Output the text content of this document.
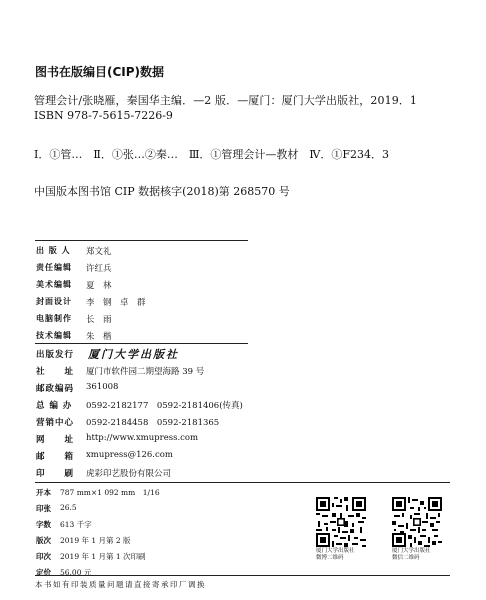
图书在版编目(CIP)数据
管理会计/张晓雁，秦国华主编．—2 版．—厦门：厦门大学出版社，2019．1
ISBN 978-7-5615-7226-9
Ⅰ．①管…　Ⅱ．①张…②秦…　Ⅲ．①管理会计—教材　Ⅳ．①F234．3
中国版本图书馆 CIP 数据核字(2018)第 268570 号
出 版 人 郑文礼
责任编辑 许红兵
美术编辑 夏　林
封面设计 李　钢　卓　群
电脑制作 长　雨
技术编辑 朱　楷
出版发行 厦门大学出版社
社　　址 厦门市软件园二期望海路 39 号
邮政编码 361008
总 编 办 0592-2182177　0592-2181406(传真)
营销中心 0592-2184458　0592-2181365
网　　址 http://www.xmupress.com
邮　　箱 xmupress@126.com
印　　刷 虎彩印艺股份有限公司
开本 787 mm×1 092 mm　1/16
印张 26.5
字数 613 千字
版次 2019 年 1 月第 2 版
印次 2019 年 1 月第 1 次印刷
定价 56.00 元
厦门大学出版社
微博二维码
厦门大学出版社
微信二维码
本书如有印装质量问题请直接寄承印厂调换
